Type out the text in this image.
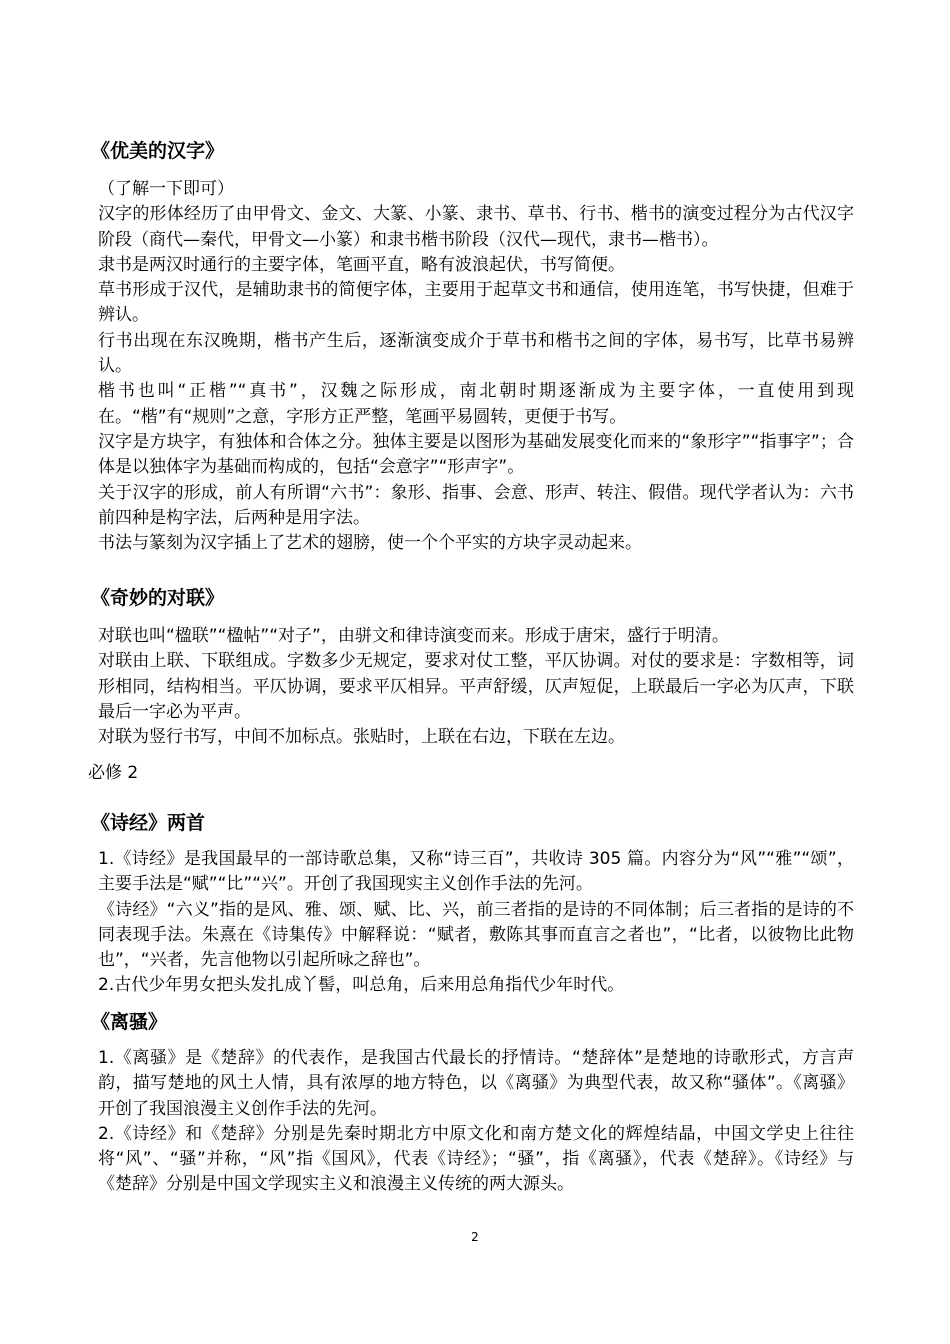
《优美的汉字》

（了解一下即可）

汉字的形体经历了由甲骨文、金文、大篆、小篆、隶书、草书、行书、楷书的演变过程分为古代汉字阶段（商代—秦代，甲骨文—小篆）和隶书楷书阶段（汉代—现代，隶书—楷书）。

隶书是两汉时通行的主要字体，笔画平直，略有波浪起伏，书写简便。

草书形成于汉代，是辅助隶书的简便字体，主要用于起草文书和通信，使用连笔，书写快捷，但难于辨认。

行书出现在东汉晚期，楷书产生后，逐渐演变成介于草书和楷书之间的字体，易书写，比草书易辨认。

楷书也叫“正楷”“真书”，汉魏之际形成，南北朝时期逐渐成为主要字体，一直使用到现在。“楷”有“规则”之意，字形方正严整，笔画平易圆转，更便于书写。

汉字是方块字，有独体和合体之分。独体主要是以图形为基础发展变化而来的“象形字”“指事字”；合体是以独体字为基础而构成的，包括“会意字”“形声字”。

关于汉字的形成，前人有所谓“六书”：象形、指事、会意、形声、转注、假借。现代学者认为：六书前四种是构字法，后两种是用字法。

书法与篆刻为汉字插上了艺术的翅膀，使一个个平实的方块字灵动起来。

《奇妙的对联》

对联也叫“楹联”“楹帖”“对子”，由骈文和律诗演变而来。形成于唐宋，盛行于明清。

对联由上联、下联组成。字数多少无规定，要求对仗工整，平仄协调。对仗的要求是：字数相等，词形相同，结构相当。平仄协调，要求平仄相异。平声舒缓，仄声短促，上联最后一字必为仄声，下联最后一字必为平声。

对联为竖行书写，中间不加标点。张贴时，上联在右边，下联在左边。

必修 2
《诗经》两首

1.《诗经》是我国最早的一部诗歌总集，又称“诗三百”，共收诗 305 篇。内容分为“风”“雅”“颂”，主要手法是“赋”“比”“兴”。开创了我国现实主义创作手法的先河。

《诗经》“六义”指的是风、雅、颂、赋、比、兴，前三者指的是诗的不同体制；后三者指的是诗的不同表现手法。朱熹在《诗集传》中解释说：“赋者，敷陈其事而直言之者也”，“比者，以彼物比此物也”，“兴者，先言他物以引起所咏之辞也”。

2.古代少年男女把头发扎成丫髻，叫总角，后来用总角指代少年时代。

《离骚》

1.《离骚》是《楚辞》的代表作，是我国古代最长的抒情诗。“楚辞体”是楚地的诗歌形式，方言声韵，描写楚地的风土人情，具有浓厚的地方特色，以《离骚》为典型代表，故又称“骚体”。《离骚》开创了我国浪漫主义创作手法的先河。

2.《诗经》和《楚辞》分别是先秦时期北方中原文化和南方楚文化的辉煌结晶，中国文学史上往往将“风”、“骚”并称，“风”指《国风》，代表《诗经》；“骚”，指《离骚》，代表《楚辞》。《诗经》与《楚辞》分别是中国文学现实主义和浪漫主义传统的两大源头。

2
